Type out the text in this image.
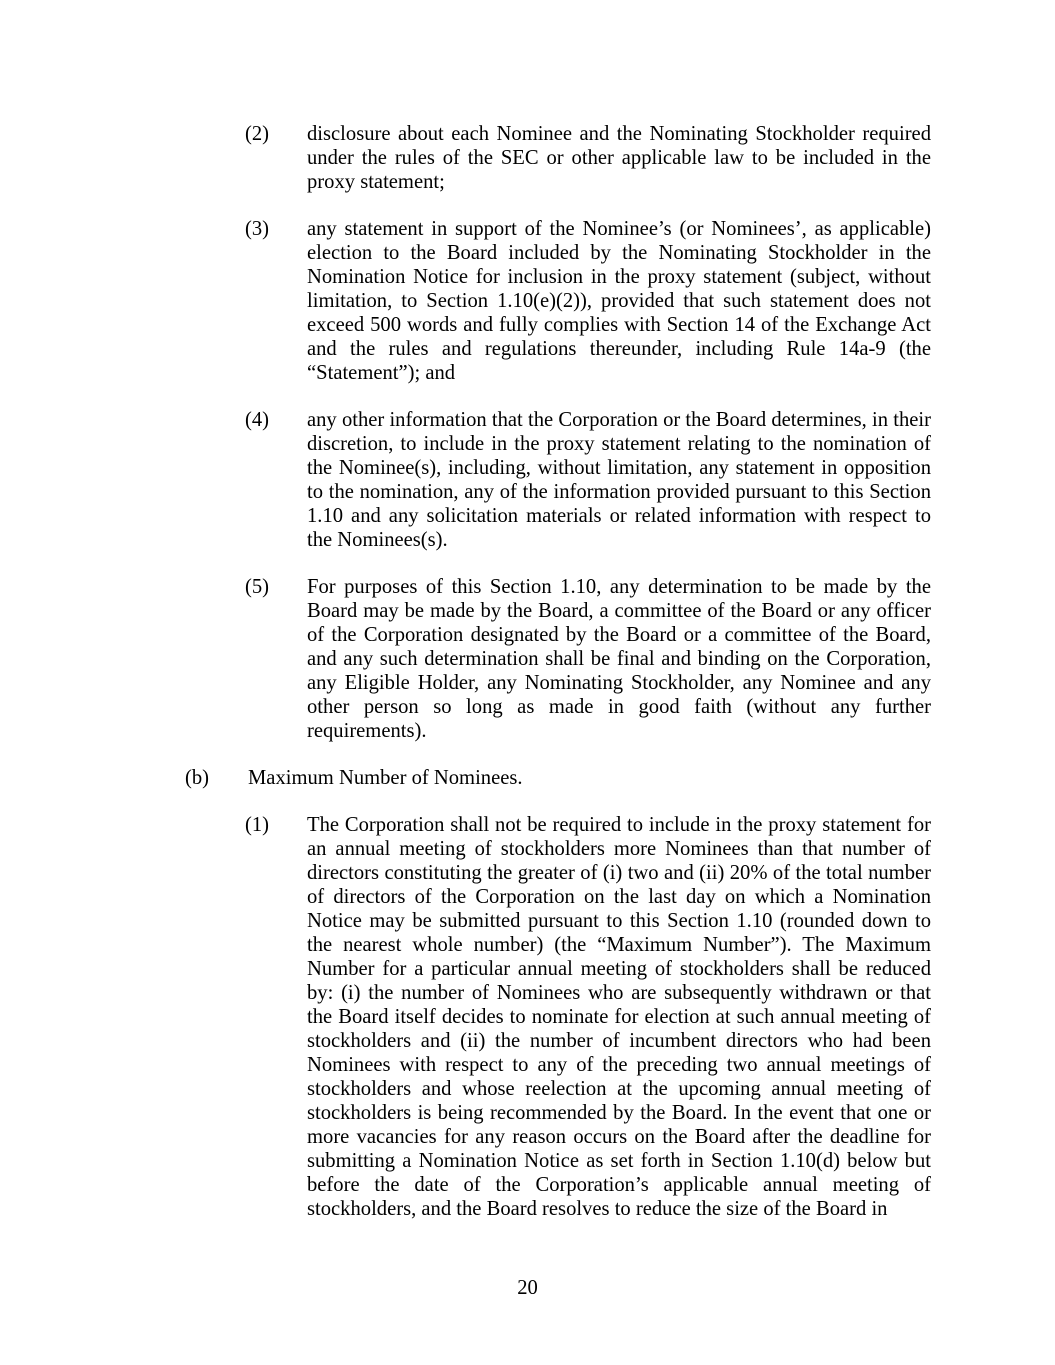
(2)	disclosure about each Nominee and the Nominating Stockholder required under the rules of the SEC or other applicable law to be included in the proxy statement;
(3)	any statement in support of the Nominee’s (or Nominees’, as applicable) election to the Board included by the Nominating Stockholder in the Nomination Notice for inclusion in the proxy statement (subject, without limitation, to Section 1.10(e)(2)), provided that such statement does not exceed 500 words and fully complies with Section 14 of the Exchange Act and the rules and regulations thereunder, including Rule 14a-9 (the “Statement”); and
(4)	any other information that the Corporation or the Board determines, in their discretion, to include in the proxy statement relating to the nomination of the Nominee(s), including, without limitation, any statement in opposition to the nomination, any of the information provided pursuant to this Section 1.10 and any solicitation materials or related information with respect to the Nominees(s).
(5)	For purposes of this Section 1.10, any determination to be made by the Board may be made by the Board, a committee of the Board or any officer of the Corporation designated by the Board or a committee of the Board, and any such determination shall be final and binding on the Corporation, any Eligible Holder, any Nominating Stockholder, any Nominee and any other person so long as made in good faith (without any further requirements).
(b)	Maximum Number of Nominees.
(1)	The Corporation shall not be required to include in the proxy statement for an annual meeting of stockholders more Nominees than that number of directors constituting the greater of (i) two and (ii) 20% of the total number of directors of the Corporation on the last day on which a Nomination Notice may be submitted pursuant to this Section 1.10 (rounded down to the nearest whole number) (the “Maximum Number”). The Maximum Number for a particular annual meeting of stockholders shall be reduced by: (i) the number of Nominees who are subsequently withdrawn or that the Board itself decides to nominate for election at such annual meeting of stockholders and (ii) the number of incumbent directors who had been Nominees with respect to any of the preceding two annual meetings of stockholders and whose reelection at the upcoming annual meeting of stockholders is being recommended by the Board. In the event that one or more vacancies for any reason occurs on the Board after the deadline for submitting a Nomination Notice as set forth in Section 1.10(d) below but before the date of the Corporation’s applicable annual meeting of stockholders, and the Board resolves to reduce the size of the Board in
20
